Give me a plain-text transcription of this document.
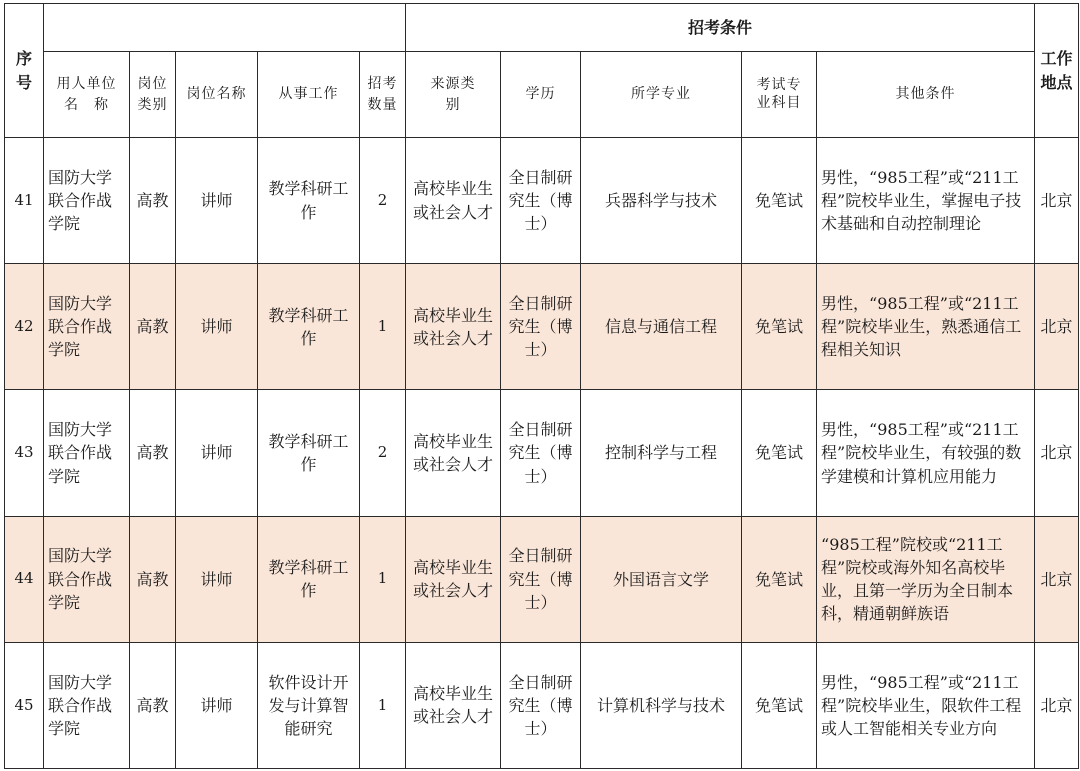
序号						招考条件					工作地点
	用人单位名　称	岗位类别	岗位名称	从事工作	招考数量	来源类别	学历	所学专业	考试专业科目	其他条件	
41	国防大学联合作战学院	高教	讲师	教学科研工作	2	高校毕业生或社会人才	全日制研究生（博士）	兵器科学与技术	免笔试	男性，“985工程”或“211工程”院校毕业生，掌握电子技术基础和自动控制理论	北京
42	国防大学联合作战学院	高教	讲师	教学科研工作	1	高校毕业生或社会人才	全日制研究生（博士）	信息与通信工程	免笔试	男性，“985工程”或“211工程”院校毕业生，熟悉通信工程相关知识	北京
43	国防大学联合作战学院	高教	讲师	教学科研工作	2	高校毕业生或社会人才	全日制研究生（博士）	控制科学与工程	免笔试	男性，“985工程”或“211工程”院校毕业生，有较强的数学建模和计算机应用能力	北京
44	国防大学联合作战学院	高教	讲师	教学科研工作	1	高校毕业生或社会人才	全日制研究生（博士）	外国语言文学	免笔试	“985工程”院校或“211工程”院校或海外知名高校毕业，且第一学历为全日制本科，精通朝鲜族语	北京
45	国防大学联合作战学院	高教	讲师	软件设计开发与计算智能研究	1	高校毕业生或社会人才	全日制研究生（博士）	计算机科学与技术	免笔试	男性，“985工程”或“211工程”院校毕业生，限软件工程或人工智能相关专业方向	北京
